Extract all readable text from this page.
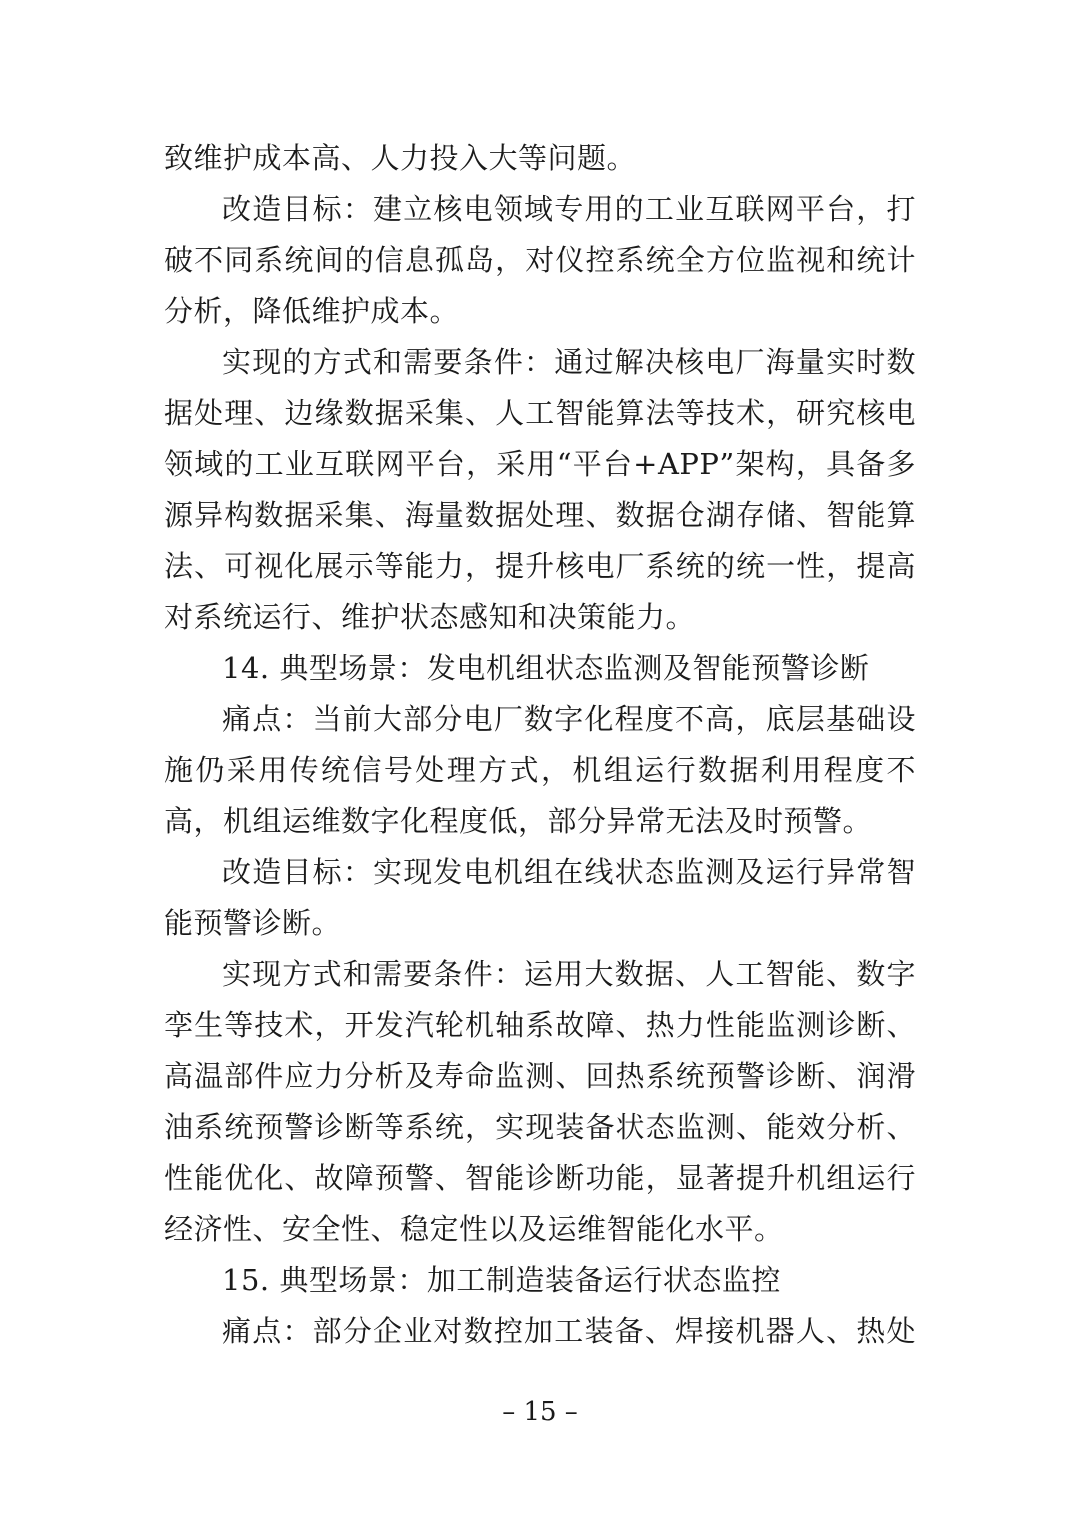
致维护成本高、人力投入大等问题。
改造目标：建立核电领域专用的工业互联网平台，打
破不同系统间的信息孤岛，对仪控系统全方位监视和统计
分析，降低维护成本。
实现的方式和需要条件：通过解决核电厂海量实时数
据处理、边缘数据采集、人工智能算法等技术，研究核电
领域的工业互联网平台，采用“平台+APP”架构，具备多
源异构数据采集、海量数据处理、数据仓湖存储、智能算
法、可视化展示等能力，提升核电厂系统的统一性，提高
对系统运行、维护状态感知和决策能力。
14. 典型场景：发电机组状态监测及智能预警诊断
痛点：当前大部分电厂数字化程度不高，底层基础设
施仍采用传统信号处理方式，机组运行数据利用程度不
高，机组运维数字化程度低，部分异常无法及时预警。
改造目标：实现发电机组在线状态监测及运行异常智
能预警诊断。
实现方式和需要条件：运用大数据、人工智能、数字
孪生等技术，开发汽轮机轴系故障、热力性能监测诊断、
高温部件应力分析及寿命监测、回热系统预警诊断、润滑
油系统预警诊断等系统，实现装备状态监测、能效分析、
性能优化、故障预警、智能诊断功能，显著提升机组运行
经济性、安全性、稳定性以及运维智能化水平。
15. 典型场景：加工制造装备运行状态监控
痛点：部分企业对数控加工装备、焊接机器人、热处
– 15 –
